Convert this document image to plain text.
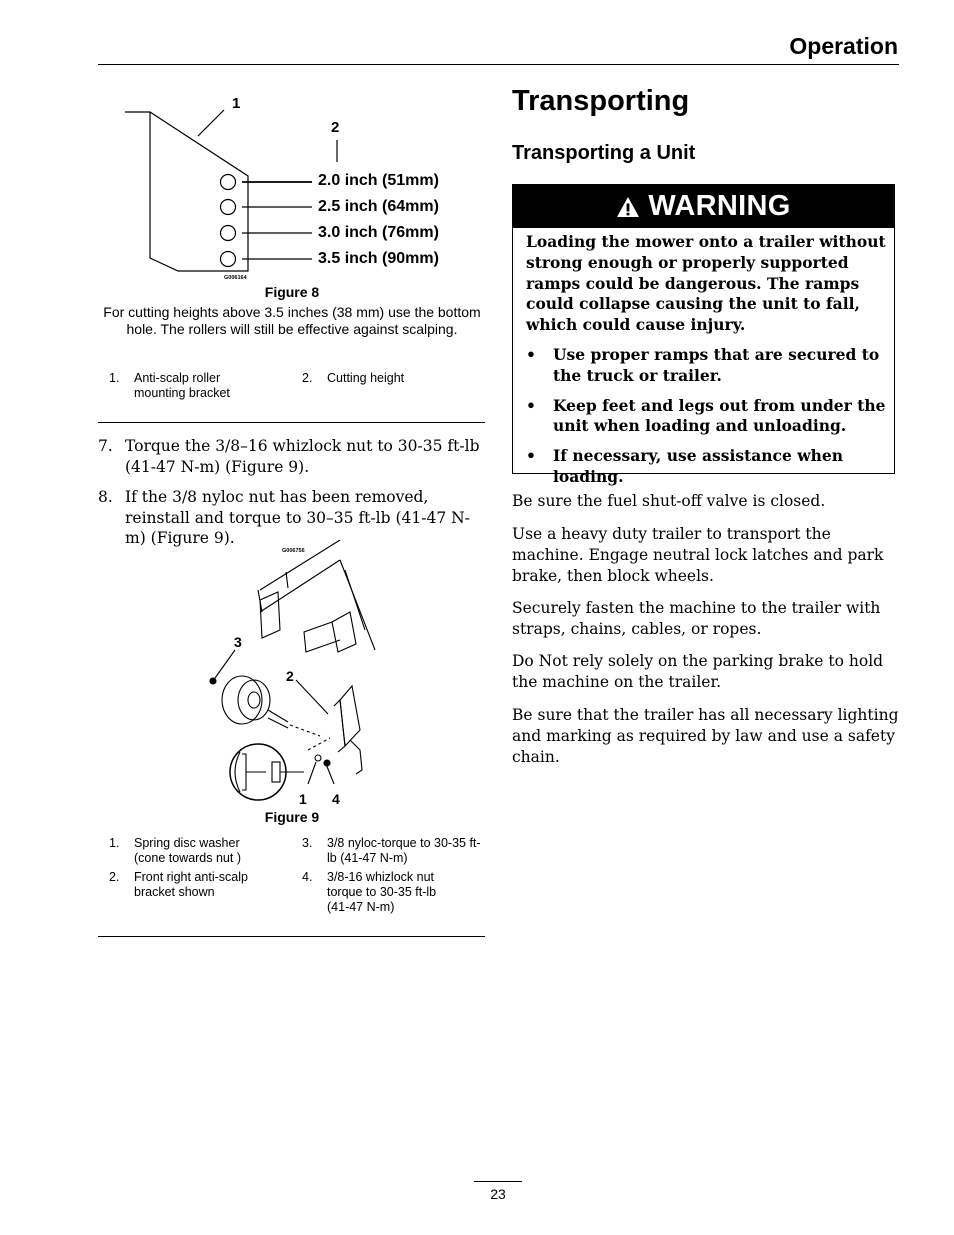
Operation
1
2
2.0 inch (51mm)
2.5 inch (64mm)
3.0 inch (76mm)
3.5 inch (90mm)
G006164
Figure 8
For cutting heights above 3.5 inches (38 mm) use the bottom hole. The rollers will still be effective against scalping.
1. Anti-scalp roller mounting bracket
2. Cutting height
7. Torque the 3/8–16 whizlock nut to 30-35 ft-lb (41-47 N-m) (Figure 9).
8. If the 3/8 nyloc nut has been removed, reinstall and torque to 30–35 ft-lb (41-47 N-m) (Figure 9).
G006756
3
2
1 4
Figure 9
1. Spring disc washer (cone towards nut )
3. 3/8 nyloc-torque to 30-35 ft-lb (41-47 N-m)
2. Front right anti-scalp bracket shown
4. 3/8-16 whizlock nut torque to 30-35 ft-lb (41-47 N-m)
Transporting
Transporting a Unit
WARNING
Loading the mower onto a trailer without strong enough or properly supported ramps could be dangerous. The ramps could collapse causing the unit to fall, which could cause injury.
• Use proper ramps that are secured to the truck or trailer.
• Keep feet and legs out from under the unit when loading and unloading.
• If necessary, use assistance when loading.
Be sure the fuel shut-off valve is closed.
Use a heavy duty trailer to transport the machine. Engage neutral lock latches and park brake, then block wheels.
Securely fasten the machine to the trailer with straps, chains, cables, or ropes.
Do Not rely solely on the parking brake to hold the machine on the trailer.
Be sure that the trailer has all necessary lighting and marking as required by law and use a safety chain.
23
